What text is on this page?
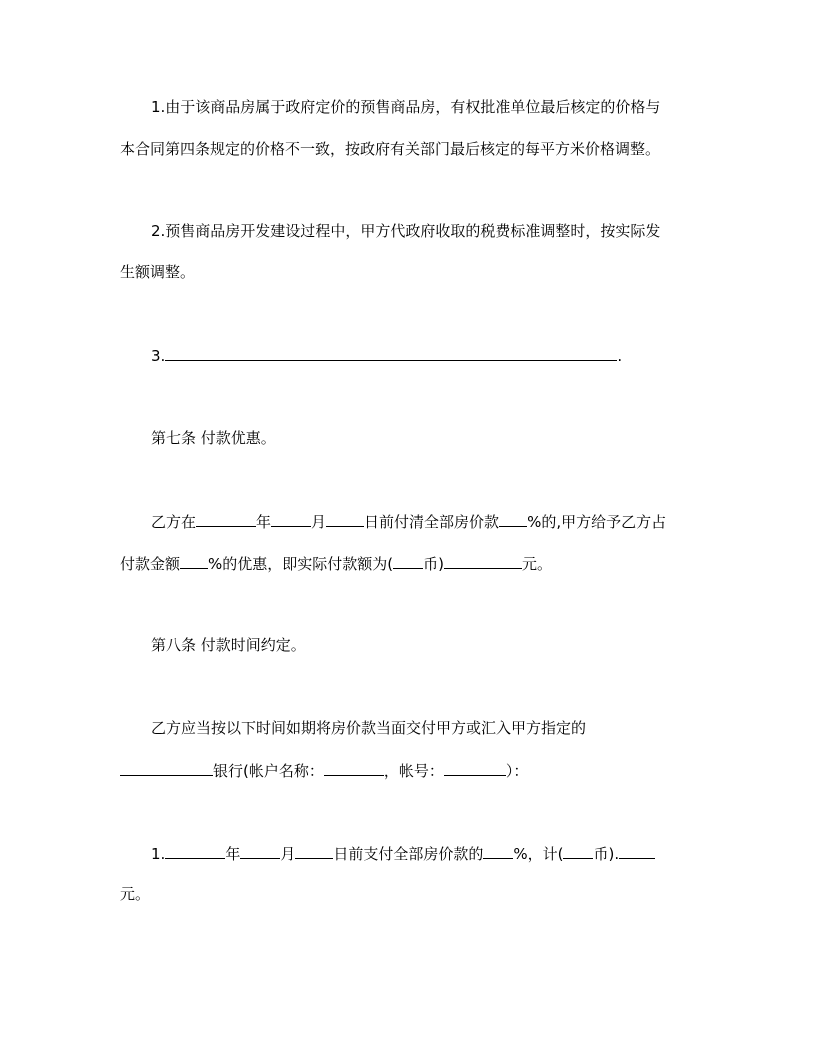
1.由于该商品房属于政府定价的预售商品房，有权批准单位最后核定的价格与
本合同第四条规定的价格不一致，按政府有关部门最后核定的每平方米价格调整。
2.预售商品房开发建设过程中，甲方代政府收取的税费标准调整时，按实际发
生额调整。
3.	.
第七条 付款优惠。
乙方在	年	月	日前付清全部房价款 %的,甲方给予乙方占
付款金额 %的优惠，即实际付款额为( 币)	元。
第八条 付款时间约定。
乙方应当按以下时间如期将房价款当面交付甲方或汇入甲方指定的
银行(帐户名称：	，帐号：	）：
1.	年	月	日前支付全部房价款的 %，计( 币).
元。
